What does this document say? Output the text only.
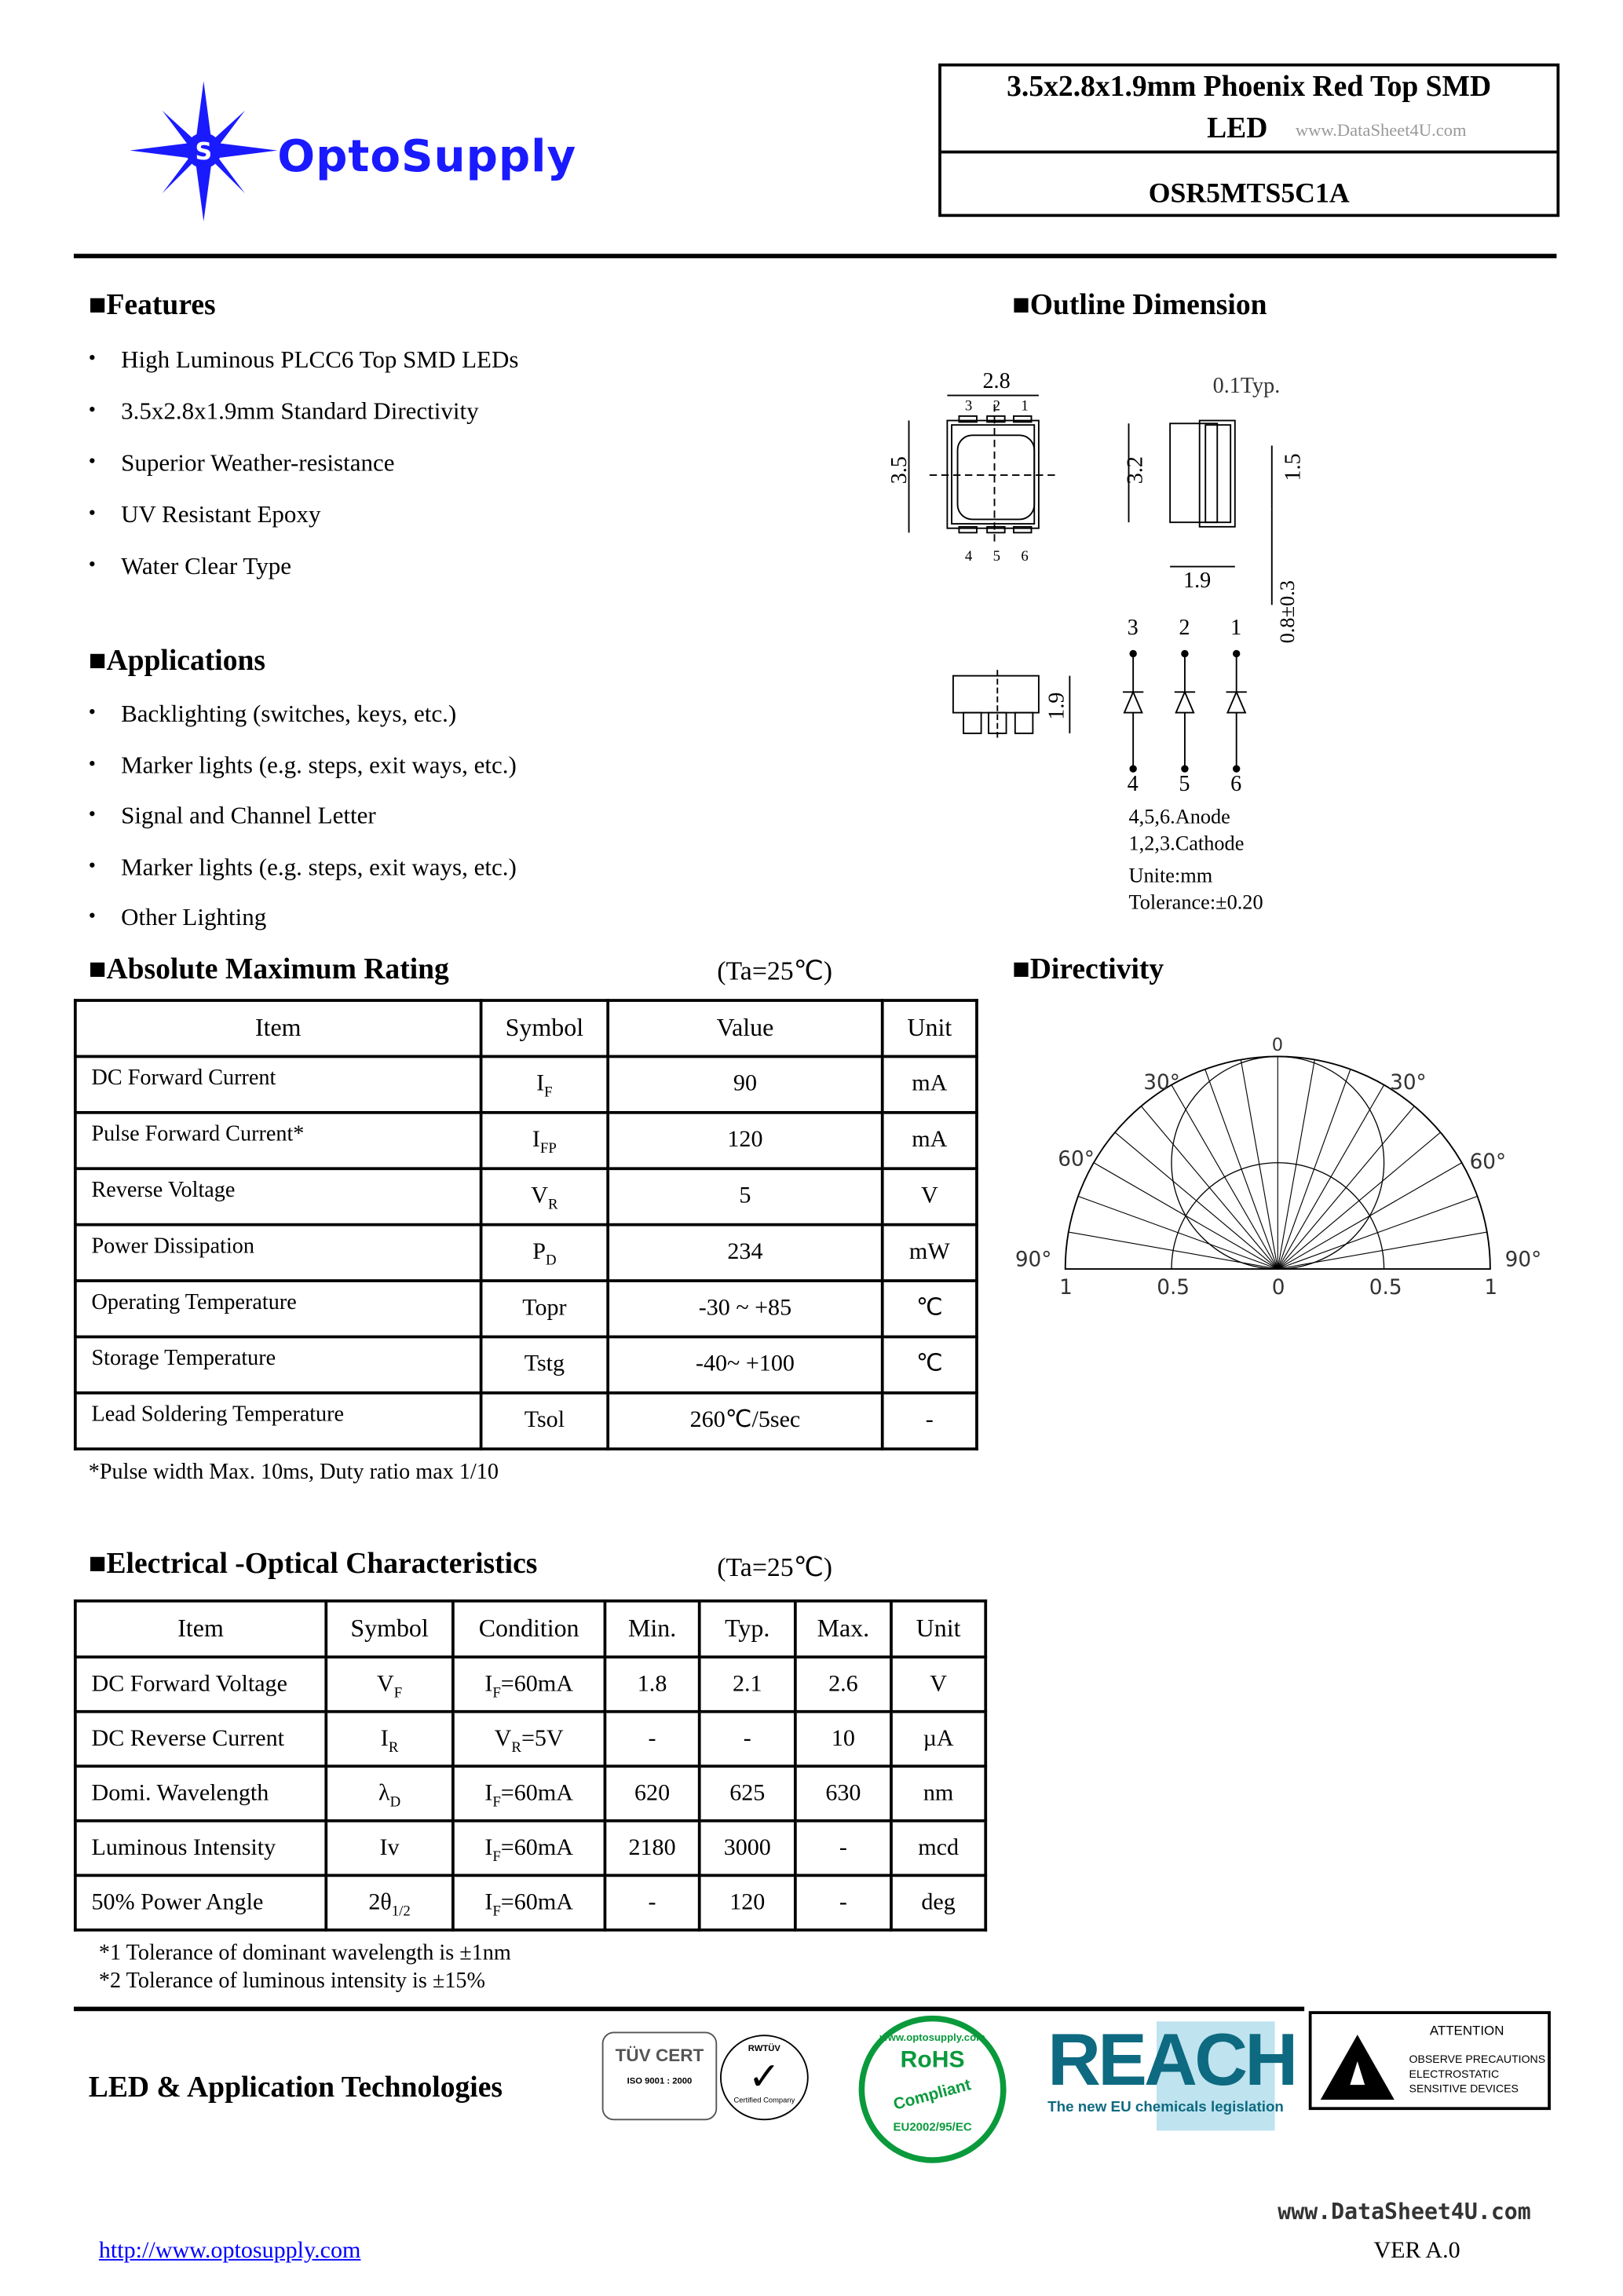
S	OptoSupply
3.5x2.8x1.9mm Phoenix Red Top SMD
LED	www.DataSheet4U.com
OSR5MTS5C1A
■Features
■Applications
■Outline Dimension
2.8
3.5	3.2
1.9
0.1Typ.
1.5
0.8±0.3
1.9
4,5,6.Anode
1,2,3.Cathode
Unite:mm
Tolerance:±0.20
■Absolute Maximum Rating	(Ta=25℃)
Item	Symbol	Value	Unit
DC Forward Current	$I_F$	90	mA
Pulse Forward Current*	$I_{FP}$	120	mA
Reverse Voltage	$V_R$	5	V
Power Dissipation	$P_D$	234	mW
Operating Temperature	Topr	-30 ~ +85	℃
Storage Temperature	Tstg	-40~ +100	℃
Lead Soldering Temperature	Tsol	260℃/5sec	-
*Pulse width Max. 10ms, Duty ratio max 1/10
■Directivity
0
30°	30°
60°	60°
90°	90°
1	0.5	0	0.5	1
■Electrical -Optical Characteristics	(Ta=25℃)
Item	Symbol	Condition	Min.	Typ.	Max.	Unit
DC Forward Voltage	$V_F$	$I_F=60mA$	1.8	2.1	2.6	V
DC Reverse Current	$I_R$	$V_R=5V$	-	-	10	µA
Domi. Wavelength	$\lambda_D$	$I_F=60mA$	620	625	630	nm
Luminous Intensity	Iv	$I_F=60mA$	2180	3000	-	mcd
50% Power Angle	$2\theta_{1/2}$	$I_F=60mA$	-	120	-	deg
*1 Tolerance of dominant wavelength is ±1nm
*2 Tolerance of luminous intensity is ±15%
LED & Application Technologies
TÜV CERT
ISO 9001 : 2000
RWTÜV
✓
Certified Company
www.optosupply.com
RoHS
Compliant
EU2002/95/EC
REACH
The new EU chemicals legislation
ATTENTION
OBSERVE PRECAUTIONS
ELECTROSTATIC
SENSITIVE DEVICES
www.DataSheet4U.com
http://www.optosupply.com	VER A.0
• High Luminous PLCC6 Top SMD LEDs
• 3.5x2.8x1.9mm Standard Directivity
• Superior Weather-resistance
• UV Resistant Epoxy
• Water Clear Type
• Backlighting (switches, keys, etc.)
• Marker lights (e.g. steps, exit ways, etc.)
• Signal and Channel Letter
• Marker lights (e.g. steps, exit ways, etc.)
• Other Lighting
3	2	1
4	5	6
3
4
2
5
1
6
